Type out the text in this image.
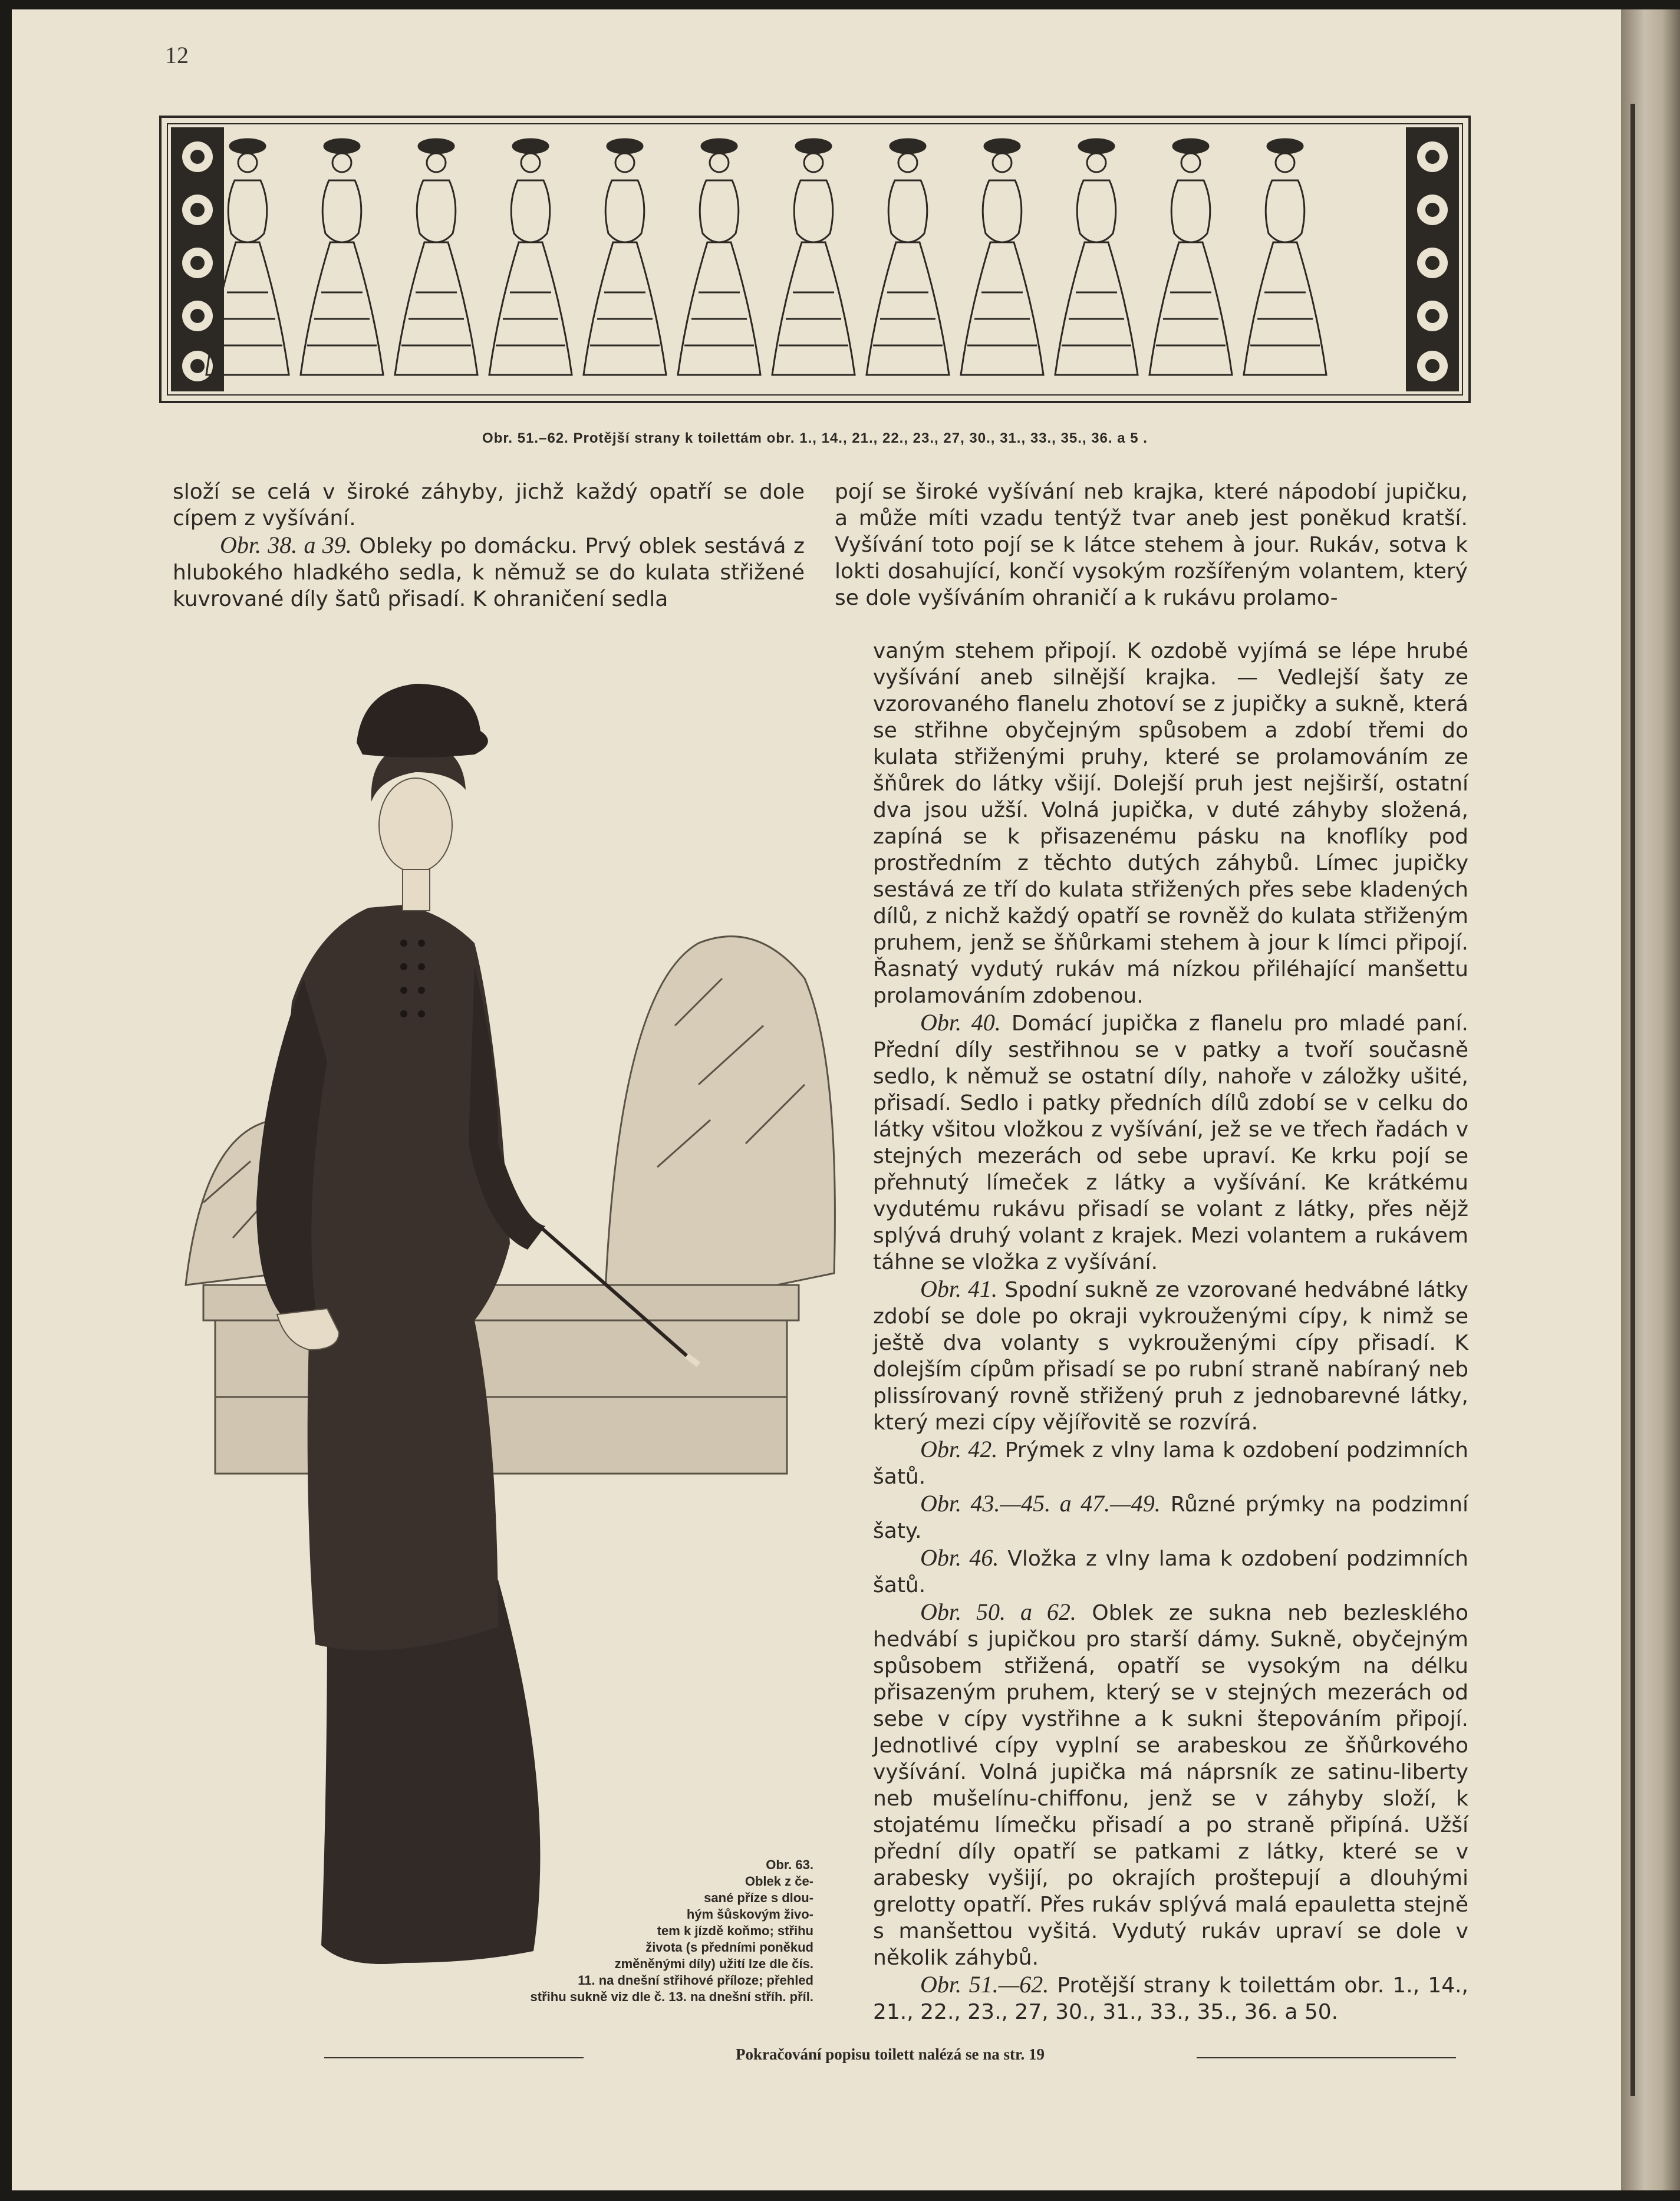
12
Obr. 51.–62. Protější strany k toilettám obr. 1., 14., 21., 22., 23., 27, 30., 31., 33., 35., 36. a 5 .

složí se celá v široké záhyby, jichž každý opatří se dole cípem z vyšívání.

Obr. 38. a 39. Obleky po domácku. Prvý oblek sestává z hlubokého hladkého sedla, k němuž se do kulata střižené kuvrované díly šatů přisadí. K ohraničení sedla

pojí se široké vyšívání neb krajka, které nápodobí jupičku, a může míti vzadu tentýž tvar aneb jest poněkud kratší. Vyšívání toto pojí se k látce stehem à jour. Rukáv, sotva k lokti dosahující, končí vysokým rozšířeným volantem, který se dole vyšíváním ohraničí a k rukávu prolamo-
Obr. 63.
Oblek z če-
sané příze s dlou-
hým šůskovým živo-
tem k jízdě koňmo; střihu
života (s předními poněkud
změněnými díly) užití lze dle čís.
11. na dnešní střihové příloze; přehled
střihu sukně viz dle č. 13. na dnešní stříh. příl.

vaným stehem připojí. K ozdobě vyjímá se lépe hrubé vyšívání aneb silnější krajka. — Vedlejší šaty ze vzorovaného flanelu zhotoví se z jupičky a sukně, která se střihne obyčejným spůsobem a zdobí třemi do kulata střiženými pruhy, které se prolamováním ze šňůrek do látky všijí. Dolejší pruh jest nejširší, ostatní dva jsou užší. Volná jupička, v duté záhyby složená, zapíná se k přisazenému pásku na knoflíky pod prostředním z těchto dutých záhybů. Límec jupičky sestává ze tří do kulata střižených přes sebe kladených dílů, z nichž každý opatří se rovněž do kulata střiženým pruhem, jenž se šňůrkami stehem à jour k límci připojí. Řasnatý vydutý rukáv má nízkou přiléhající manšettu prolamováním zdobenou.

Obr. 40. Domácí jupička z flanelu pro mladé paní. Přední díly sestřihnou se v patky a tvoří současně sedlo, k němuž se ostatní díly, nahoře v záložky ušité, přisadí. Sedlo i patky předních dílů zdobí se v celku do látky všitou vložkou z vyšívání, jež se ve třech řadách v stejných mezerách od sebe upraví. Ke krku pojí se přehnutý límeček z látky a vyšívání. Ke krátkému vydutému rukávu přisadí se volant z látky, přes nějž splývá druhý volant z krajek. Mezi volantem a rukávem táhne se vložka z vyšívání.

Obr. 41. Spodní sukně ze vzorované hedvábné látky zdobí se dole po okraji vykrouženými cípy, k nimž se ještě dva volanty s vykrouženými cípy přisadí. K dolejším cípům přisadí se po rubní straně nabíraný neb plissírovaný rovně střižený pruh z jednobarevné látky, který mezi cípy vějířovitě se rozvírá.

Obr. 42. Prýmek z vlny lama k ozdobení podzimních šatů.

Obr. 43.—45. a 47.—49. Různé prýmky na podzimní šaty.

Obr. 46. Vložka z vlny lama k ozdobení podzimních šatů.

Obr. 50. a 62. Oblek ze sukna neb bezlesklého hedvábí s jupičkou pro starší dámy. Sukně, obyčejným spůsobem střižená, opatří se vysokým na délku přisazeným pruhem, který se v stejných mezerách od sebe v cípy vystřihne a k sukni štepováním připojí. Jednotlivé cípy vyplní se arabeskou ze šňůrkového vyšívání. Volná jupička má náprsník ze satinu-liberty neb mušelínu-chiffonu, jenž se v záhyby složí, k stojatému límečku přisadí a po straně připíná. Užší přední díly opatří se patkami z látky, které se v arabesky vyšijí, po okrajích proštepují a dlouhými grelotty opatří. Přes rukáv splývá malá epauletta stejně s manšettou vyšitá. Vydutý rukáv upraví se dole v několik záhybů.

Obr. 51.—62. Protější strany k toilettám obr. 1., 14., 21., 22., 23., 27, 30., 31., 33., 35., 36. a 50.

Pokračování popisu toilett nalézá se na str. 19
